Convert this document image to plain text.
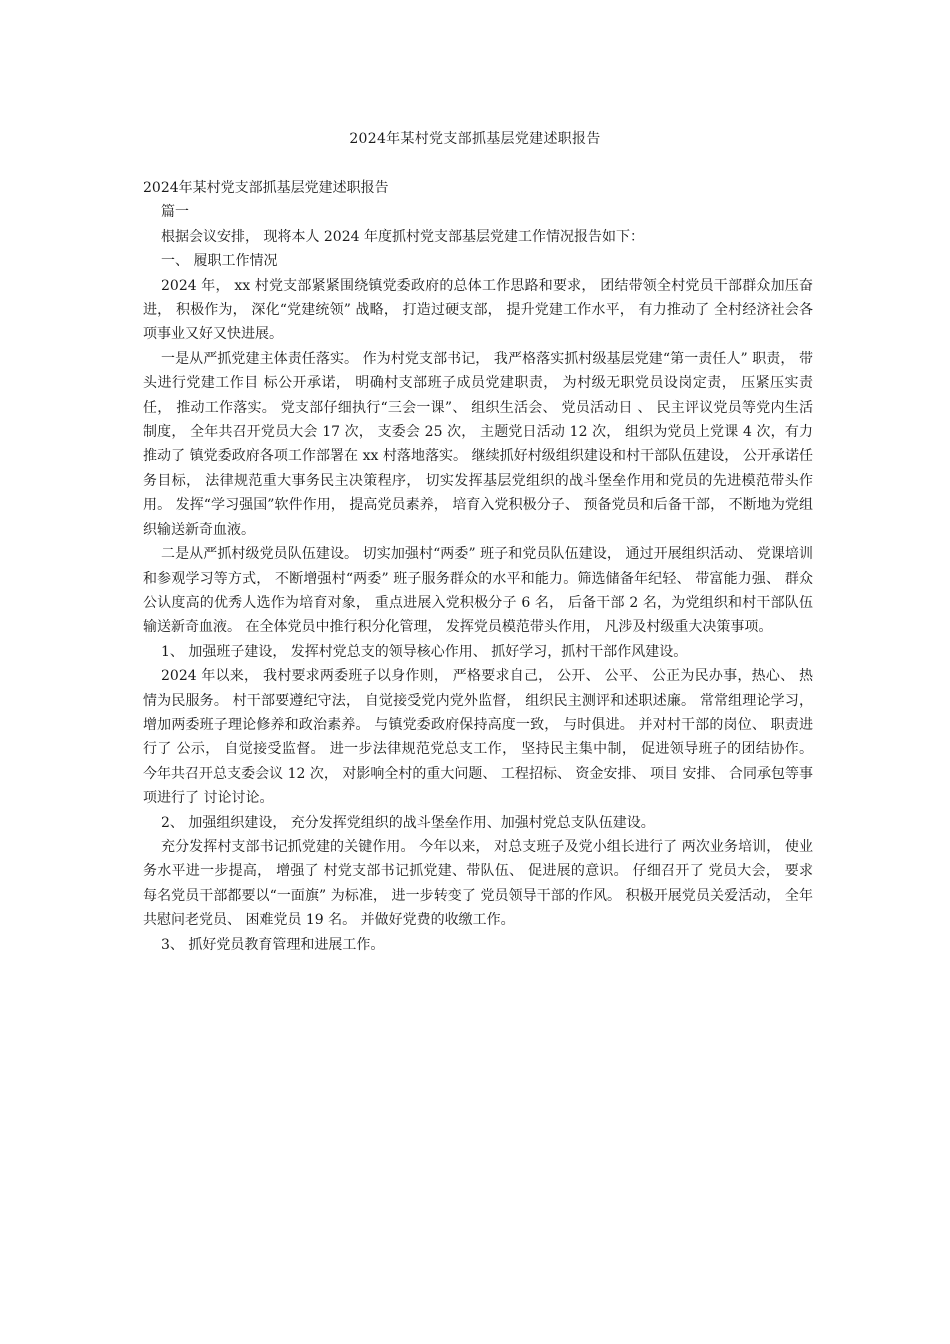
2024年某村党支部抓基层党建述职报告

2024年某村党支部抓基层党建述职报告

篇一

根据会议安排， 现将本人 2024 年度抓村党支部基层党建工作情况报告如下：

一、 履职工作情况

2024 年， xx 村党支部紧紧围绕镇党委政府的总体工作思路和要求， 团结带领全村党员干部群众加压奋进， 积极作为， 深化“党建统领” 战略， 打造过硬支部， 提升党建工作水平， 有力推动了 全村经济社会各项事业又好又快进展。

一是从严抓党建主体责任落实。 作为村党支部书记， 我严格落实抓村级基层党建“第一责任人” 职责， 带头进行党建工作目 标公开承诺， 明确村支部班子成员党建职责， 为村级无职党员设岗定责， 压紧压实责任， 推动工作落实。 党支部仔细执行“三会一课”、 组织生活会、 党员活动日 、 民主评议党员等党内生活制度， 全年共召开党员大会 17 次， 支委会 25 次， 主题党日活动 12 次， 组织为党员上党课 4 次，有力推动了 镇党委政府各项工作部署在 xx 村落地落实。 继续抓好村级组织建设和村干部队伍建设， 公开承诺任务目标， 法律规范重大事务民主决策程序， 切实发挥基层党组织的战斗堡垒作用和党员的先进模范带头作用。 发挥“学习强国”软件作用， 提高党员素养， 培育入党积极分子、 预备党员和后备干部， 不断地为党组织输送新奇血液。

二是从严抓村级党员队伍建设。 切实加强村“两委” 班子和党员队伍建设， 通过开展组织活动、 党课培训和参观学习等方式， 不断增强村“两委” 班子服务群众的水平和能力。筛选储备年纪轻、 带富能力强、 群众公认度高的优秀人选作为培育对象， 重点进展入党积极分子 6 名， 后备干部 2 名，为党组织和村干部队伍输送新奇血液。 在全体党员中推行积分化管理， 发挥党员模范带头作用， 凡涉及村级重大决策事项。

1、 加强班子建设， 发挥村党总支的领导核心作用、 抓好学习，抓村干部作风建设。

2024 年以来， 我村要求两委班子以身作则， 严格要求自己， 公开、 公平、 公正为民办事，热心、 热情为民服务。 村干部要遵纪守法， 自觉接受党内党外监督， 组织民主测评和述职述廉。 常常组理论学习， 增加两委班子理论修养和政治素养。 与镇党委政府保持高度一致， 与时俱进。 并对村干部的岗位、 职责进行了 公示， 自觉接受监督。 进一步法律规范党总支工作， 坚持民主集中制， 促进领导班子的团结协作。 今年共召开总支委会议 12 次， 对影响全村的重大问题、 工程招标、 资金安排、 项目 安排、 合同承包等事项进行了 讨论讨论。

2、 加强组织建设， 充分发挥党组织的战斗堡垒作用、加强村党总支队伍建设。

充分发挥村支部书记抓党建的关键作用。 今年以来， 对总支班子及党小组长进行了 两次业务培训， 使业务水平进一步提高， 增强了 村党支部书记抓党建、带队伍、 促进展的意识。 仔细召开了 党员大会， 要求每名党员干部都要以“一面旗” 为标准， 进一步转变了 党员领导干部的作风。 积极开展党员关爱活动， 全年共慰问老党员、 困难党员 19 名。 并做好党费的收缴工作。

3、 抓好党员教育管理和进展工作。
